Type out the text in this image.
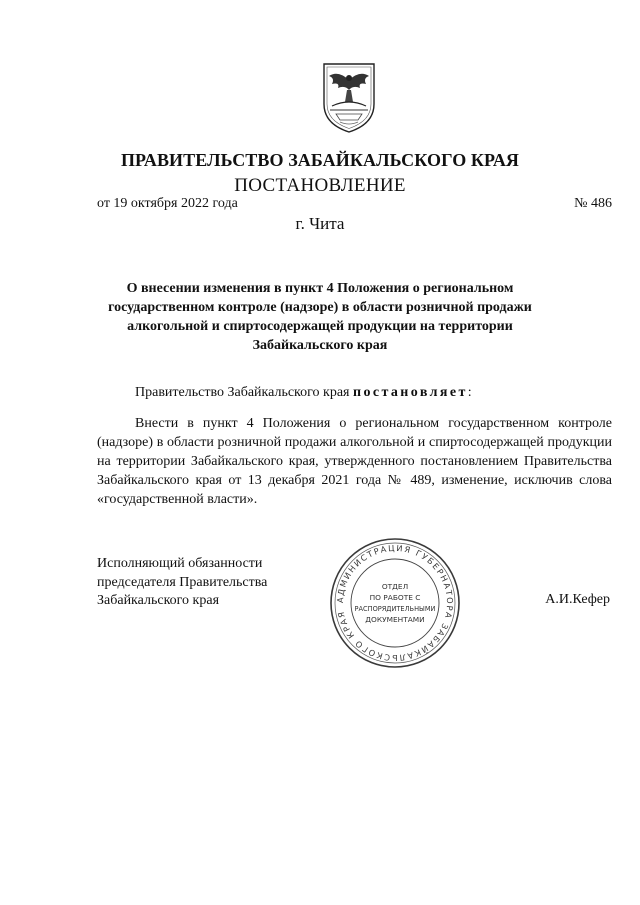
ПРАВИТЕЛЬСТВО ЗАБАЙКАЛЬСКОГО КРАЯ
ПОСТАНОВЛЕНИЕ
от 19 октября 2022 года	№ 486
г. Чита
О внесении изменения в пункт 4 Положения о региональном
государственном контроле (надзоре) в области розничной продажи
алкогольной и спиртосодержащей продукции на территории
Забайкальского края
Правительство Забайкальского края постановляет:
Внести в пункт 4 Положения о региональном государственном контроле (надзоре) в области розничной продажи алкогольной и спиртосодержащей продукции на территории Забайкальского края, утвержденного постановлением Правительства Забайкальского края от 13 декабря 2021 года № 489, изменение, исключив слова «государственной власти».
Исполняющий обязанности
председателя Правительства
Забайкальского края	А.И.Кефер
АДМИНИСТРАЦИЯ ГУБЕРНАТОРА ЗАБАЙКАЛЬСКОГО КРАЯ
ОТДЕЛ
ПО РАБОТЕ С
РАСПОРЯДИТЕЛЬНЫМИ
ДОКУМЕНТАМИ
